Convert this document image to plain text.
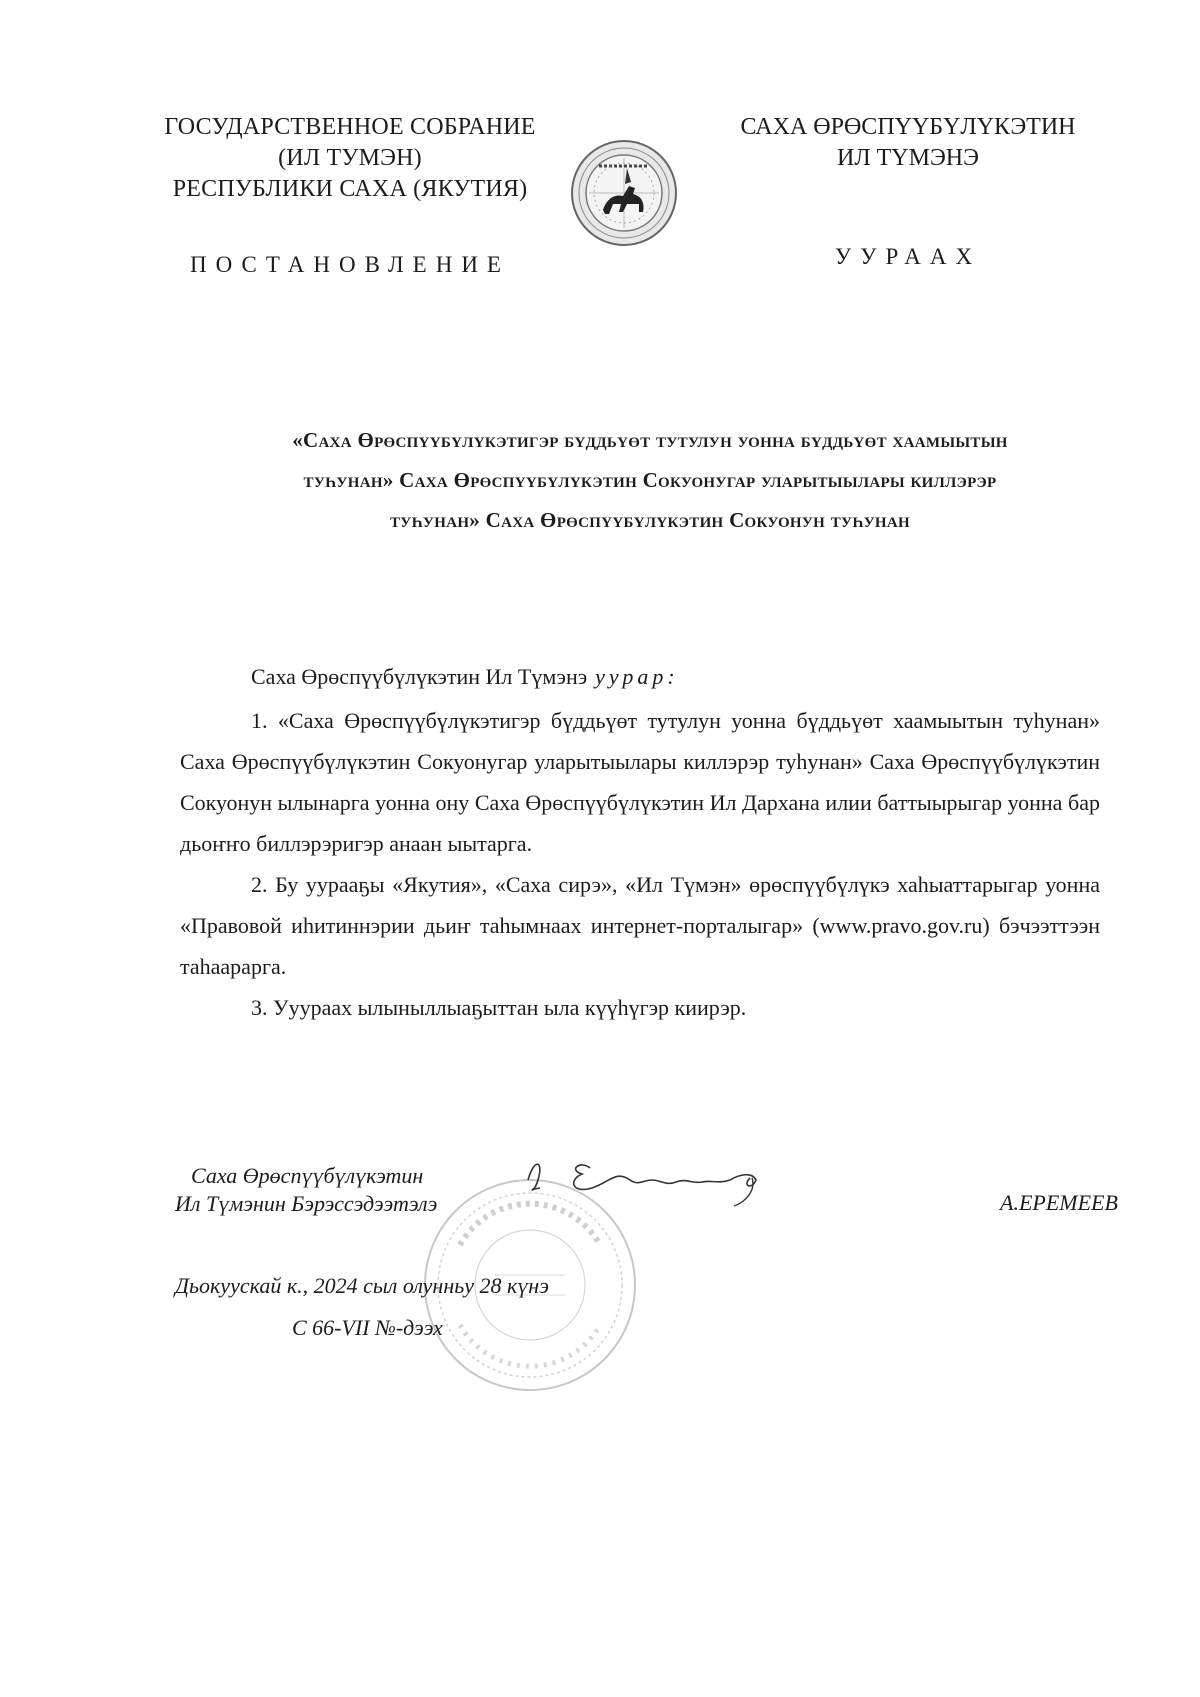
ГОСУДАРСТВЕННОЕ СОБРАНИЕ
(ИЛ ТУМЭН)
РЕСПУБЛИКИ САХА (ЯКУТИЯ)
САХА ӨРӨСПҮҮБҮЛҮКЭТИН
ИЛ ТҮМЭНЭ
ПОСТАНОВЛЕНИЕ	УУРААХ
«Саха Өрөспүүбүлүкэтигэр бүддьүөт тутулун уонна бүддьүөт хаамыытын
туһунан» Саха Өрөспүүбүлүкэтин Сокуонугар уларытыылары киллэрэр
туһунан» Саха Өрөспүүбүлүкэтин Сокуонун туһунан
Саха Өрөспүүбүлүкэтин Ил Түмэнэ уурар:

1. «Саха Өрөспүүбүлүкэтигэр бүддьүөт тутулун уонна бүддьүөт хаамыытын туһунан» Саха Өрөспүүбүлүкэтин Сокуонугар уларытыылары киллэрэр туһунан» Саха Өрөспүүбүлүкэтин Сокуонун ылынарга уонна ону Саха Өрөспүүбүлүкэтин Ил Дархана илии баттыырыгар уонна бар дьоҥҥо биллэрэригэр анаан ыытарга.

2. Бу уурааҕы «Якутия», «Саха сирэ», «Ил Түмэн» өрөспүүбүлүкэ хаһыаттарыгар уонна «Правовой иһитиннэрии дьиҥ таһымнаах интернет-порталыгар» (www.pravo.gov.ru) бэчээттээн таһаарарга.

3. Ууураах ылыныллыаҕыттан ыла күүһүгэр киирэр.

Саха Өрөспүүбүлүкэтин
Ил Түмэнин Бэрэссэдээтэлэ	А.ЕРЕМЕЕВ
Дьокуускай к., 2024 сыл олунньу 28 күнэ
С 66-VII №-дээх
